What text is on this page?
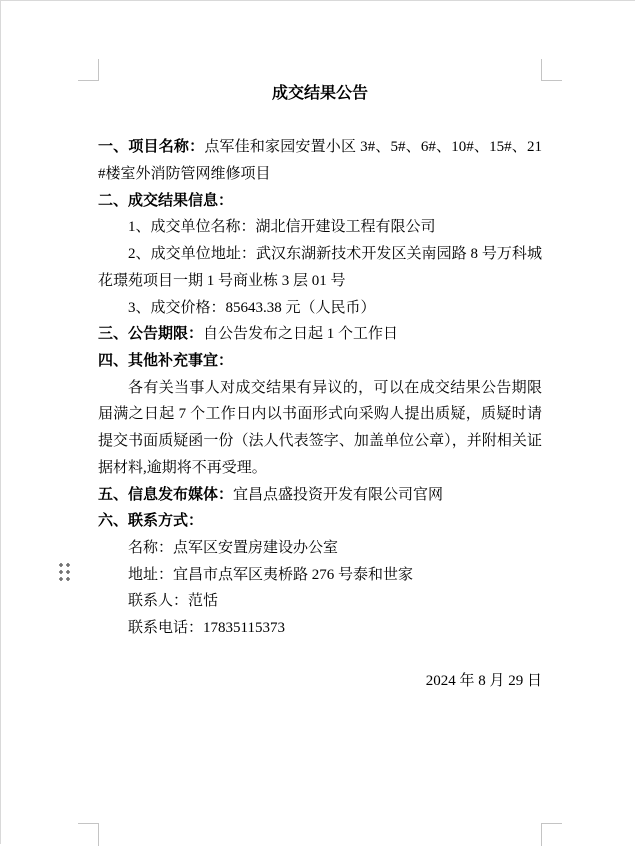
成交结果公告

一、项目名称：点军佳和家园安置小区 3#、5#、6#、10#、15#、21#楼室外消防管网维修项目

二、成交结果信息：

1、成交单位名称：湖北信开建设工程有限公司

2、成交单位地址：武汉东湖新技术开发区关南园路 8 号万科城花璟苑项目一期 1 号商业栋 3 层 01 号

3、成交价格：85643.38 元（人民币）

三、公告期限：自公告发布之日起 1 个工作日

四、其他补充事宜：

各有关当事人对成交结果有异议的，可以在成交结果公告期限届满之日起 7 个工作日内以书面形式向采购人提出质疑，质疑时请提交书面质疑函一份（法人代表签字、加盖单位公章），并附相关证据材料,逾期将不再受理。

五、信息发布媒体：宜昌点盛投资开发有限公司官网

六、联系方式：

名称：点军区安置房建设办公室

地址：宜昌市点军区夷桥路 276 号泰和世家

联系人：范恬

联系电话：17835115373

2024 年 8 月 29 日
